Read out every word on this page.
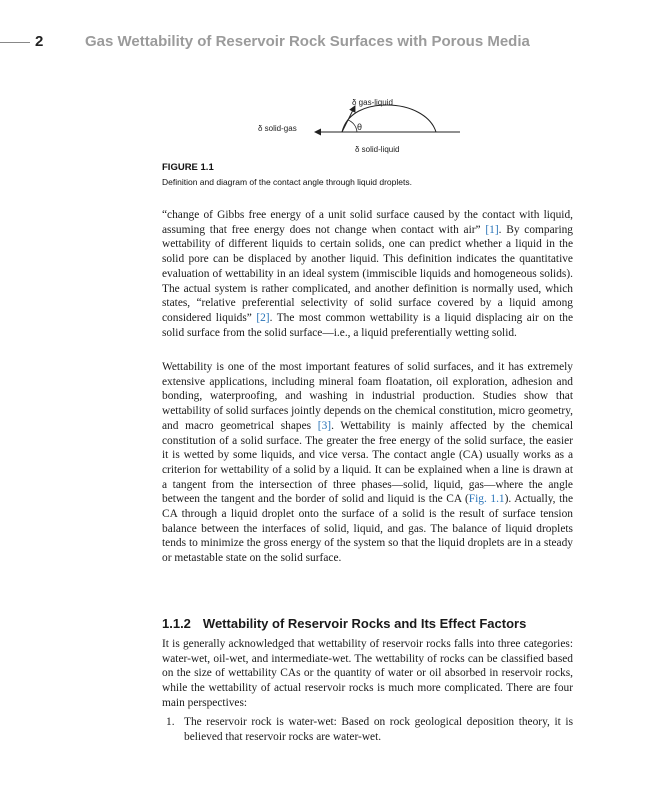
2	Gas Wettability of Reservoir Rock Surfaces with Porous Media
δ gas-liquid
δ solid-gas
δ solid-liquid
θ
FIGURE 1.1
Definition and diagram of the contact angle through liquid droplets.

“change of Gibbs free energy of a unit solid surface caused by the contact with liquid, assuming that free energy does not change when contact with air” [1]. By comparing wettability of different liquids to certain solids, one can predict whether a liquid in the solid pore can be displaced by another liquid. This definition indicates the quantitative evaluation of wettability in an ideal system (immiscible liquids and homogeneous solids). The actual system is rather complicated, and another definition is normally used, which states, “relative preferential selectivity of solid surface covered by a liquid among considered liquids” [2]. The most common wettability is a liquid displacing air on the solid surface from the solid surface—i.e., a liquid preferentially wetting solid.

Wettability is one of the most important features of solid surfaces, and it has extremely extensive applications, including mineral foam floatation, oil exploration, adhesion and bonding, waterproofing, and washing in industrial production. Studies show that wettability of solid surfaces jointly depends on the chemical constitution, micro geometry, and macro geometrical shapes [3]. Wettability is mainly affected by the chemical constitution of a solid surface. The greater the free energy of the solid surface, the easier it is wetted by some liquids, and vice versa. The contact angle (CA) usually works as a criterion for wettability of a solid by a liquid. It can be explained when a line is drawn at a tangent from the intersection of three phases—solid, liquid, gas—where the angle between the tangent and the border of solid and liquid is the CA (Fig. 1.1). Actually, the CA through a liquid droplet onto the surface of a solid is the result of surface tension balance between the interfaces of solid, liquid, and gas. The balance of liquid droplets tends to minimize the gross energy of the system so that the liquid droplets are in a steady or metastable state on the solid surface.

1.1.2 Wettability of Reservoir Rocks and Its Effect Factors

It is generally acknowledged that wettability of reservoir rocks falls into three categories: water-wet, oil-wet, and intermediate-wet. The wettability of rocks can be classified based on the size of wettability CAs or the quantity of water or oil absorbed in reservoir rocks, while the wettability of actual reservoir rocks is much more complicated. There are four main perspectives:

1. The reservoir rock is water-wet: Based on rock geological deposition theory, it is believed that reservoir rocks are water-wet.
